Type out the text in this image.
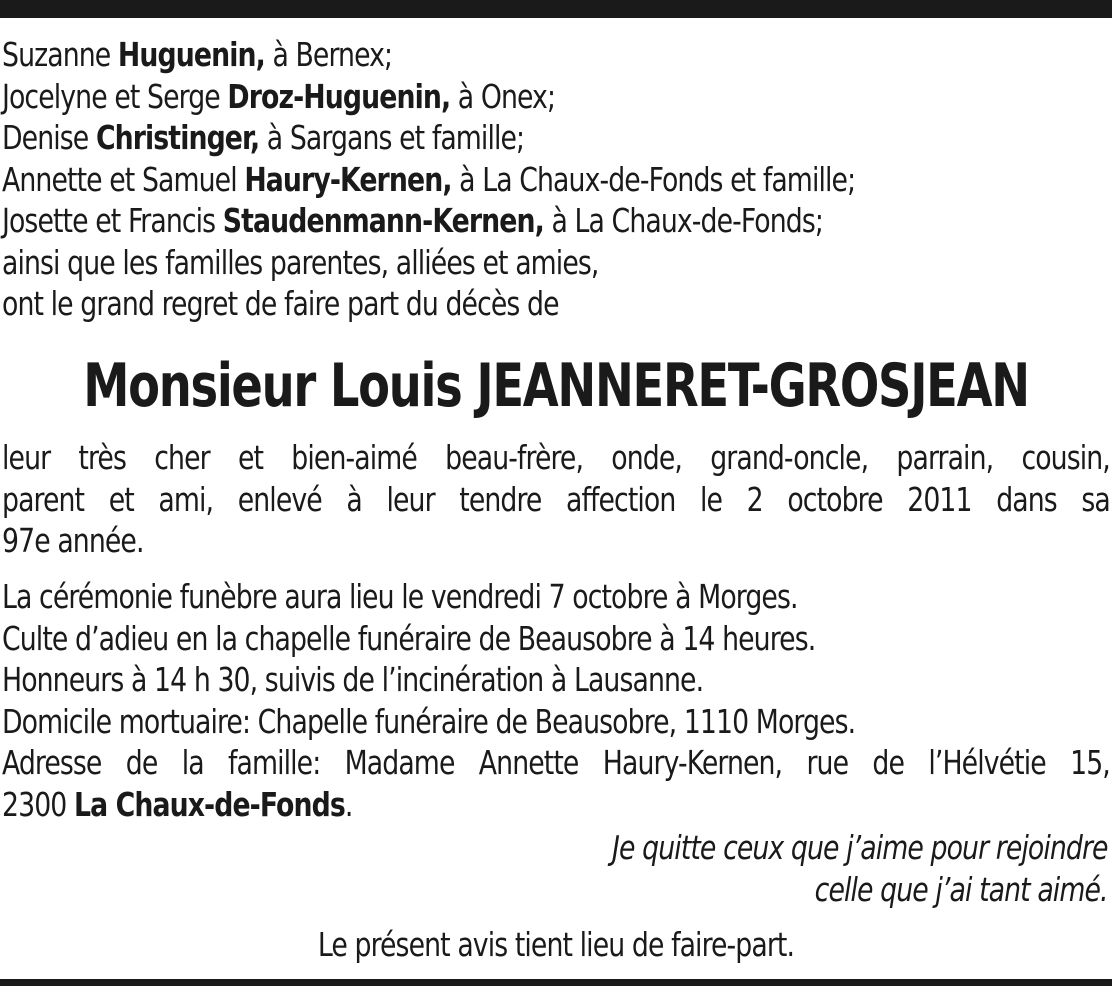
Suzanne Huguenin, à Bernex;
Jocelyne et Serge Droz-Huguenin, à Onex;
Denise Christinger, à Sargans et famille;
Annette et Samuel Haury-Kernen, à La Chaux-de-Fonds et famille;
Josette et Francis Staudenmann-Kernen, à La Chaux-de-Fonds;
ainsi que les familles parentes, alliées et amies,
ont le grand regret de faire part du décès de
Monsieur Louis JEANNERET-GROSJEAN
leur très cher et bien-aimé beau-frère, onde, grand-oncle, parrain, cousin,
parent et ami, enlevé à leur tendre affection le 2 octobre 2011 dans sa
97e année.
La cérémonie funèbre aura lieu le vendredi 7 octobre à Morges.
Culte d’adieu en la chapelle funéraire de Beausobre à 14 heures.
Honneurs à 14 h 30, suivis de l’incinération à Lausanne.
Domicile mortuaire: Chapelle funéraire de Beausobre, 1110 Morges.
Adresse de la famille: Madame Annette Haury-Kernen, rue de l’Hélvétie 15,
2300 La Chaux-de-Fonds.
Je quitte ceux que j’aime pour rejoindre
celle que j’ai tant aimé.
Le présent avis tient lieu de faire-part.
